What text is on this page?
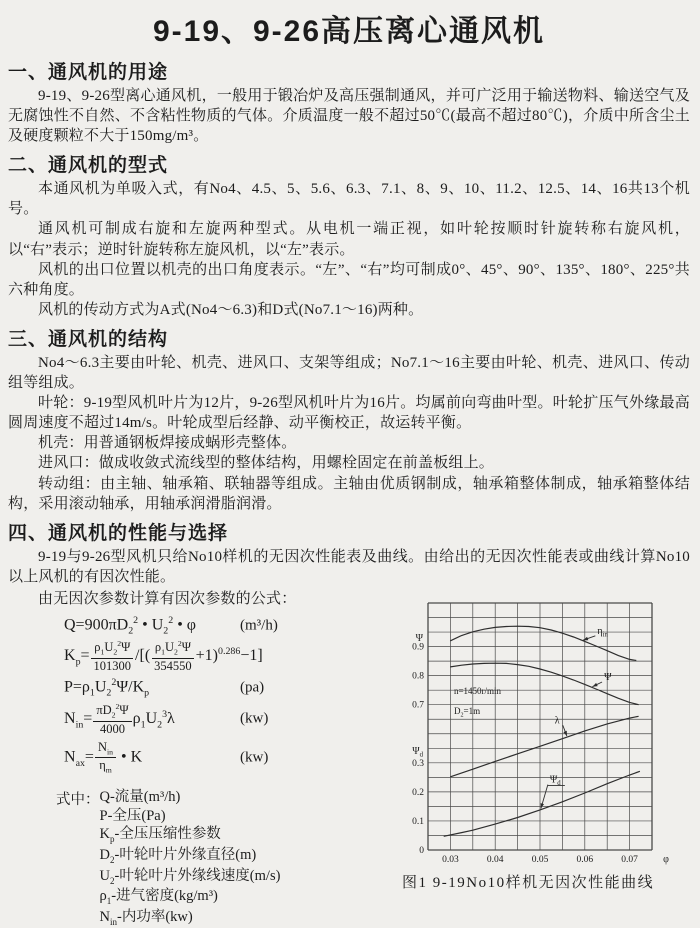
9-19、9-26高压离心通风机
一、通风机的用途

9-19、9-26型离心通风机，一般用于锻冶炉及高压强制通风，并可广泛用于输送物料、输送空气及无腐蚀性不自然、不含粘性物质的气体。介质温度一般不超过50℃(最高不超过80℃)，介质中所含尘土及硬度颗粒不大于150mg/m³。

二、通风机的型式

本通风机为单吸入式，有No4、4.5、5、5.6、6.3、7.1、8、9、10、11.2、12.5、14、16共13个机号。

通风机可制成右旋和左旋两种型式。从电机一端正视，如叶轮按顺时针旋转称右旋风机，以“右”表示；逆时针旋转称左旋风机，以“左”表示。

风机的出口位置以机壳的出口角度表示。“左”、“右”均可制成0°、45°、90°、135°、180°、225°共六种角度。

风机的传动方式为A式(No4～6.3)和D式(No7.1～16)两种。

三、通风机的结构

No4～6.3主要由叶轮、机壳、进风口、支架等组成；No7.1～16主要由叶轮、机壳、进风口、传动组等组成。

叶轮：9-19型风机叶片为12片，9-26型风机叶片为16片。均属前向弯曲叶型。叶轮扩压气外缘最高圆周速度不超过14m/s。叶轮成型后经静、动平衡校正，故运转平衡。

机壳：用普通钢板焊接成蜗形壳整体。

进风口：做成收敛式流线型的整体结构，用螺栓固定在前盖板组上。

转动组：由主轴、轴承箱、联轴器等组成。主轴由优质钢制成，轴承箱整体制成，轴承箱整体结构，采用滚动轴承，用轴承润滑脂润滑。

四、通风机的性能与选择

9-19与9-26型风机只给No10样机的无因次性能表及曲线。由给出的无因次性能表或曲线计算No10以上风机的有因次性能。

由无因次参数计算有因次参数的公式：

$Q=900\pi D_2^2$ • $U_2^2$ • φ	(m³/h)
$K_p= \frac{\rho_1U_2^2\Psi}{101300}$ /[( $\frac{\rho_1U_2^2\Psi}{354550} +1)^{0.286}-1$]
$P=\rho_1U_2^2\Psi/K_p$	(pa)
$N_{in}= \frac{\pi D_2^2\Psi}{4000} \rho_1U_2^3\lambda$	(kw)
$N_{ax}= \frac{N_{in}}{\eta_m}$ • K	(kw)
式中： Q-流量(m³/h)
P-全压(Pa)
$K_p-$全压压缩性参数
$D_2-$叶轮叶片外缘直径(m)
$U_2-$叶轮叶片外缘线速度(m/s)
$\rho_1-$进气密度(kg/m³)
$N_{in}-$内功率(kw)
0.03	0.04	0.05	0.06	0.07	φ
0.9
0.8
0.7
Ψ
0.3
0.2
0.1
0
$\Psi_d$
n=1450r/min
$D_2=1m$
$\eta_{in}$
Ψ
λ
$\Psi_d$
图1 9-19No10样机无因次性能曲线
